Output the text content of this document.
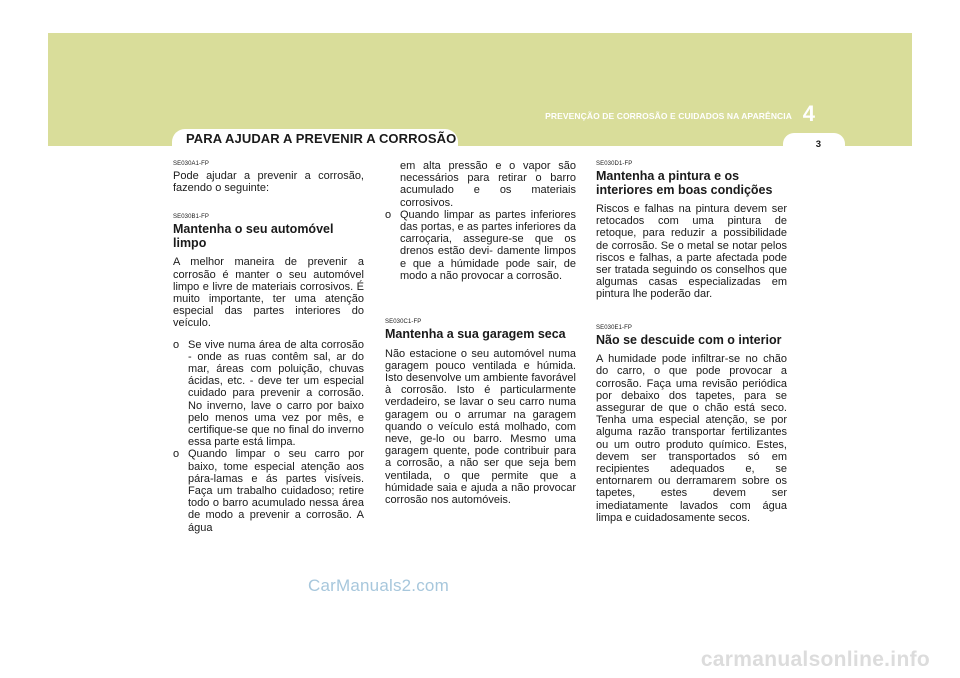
PREVENÇÃO DE CORROSÃO E CUIDADOS NA APARÊNCIA 4
3
PARA AJUDAR A PREVENIR A CORROSÃO
SE030A1-FP

Pode ajudar a prevenir a corrosão, fazendo o seguinte:

SE030B1-FP
Mantenha o seu automóvel limpo

A melhor maneira de prevenir a corrosão é manter o seu automóvel limpo e livre de materiais corrosivos. É muito importante, ter uma atenção especial das partes interiores do veículo.

o Se vive numa área de alta corrosão - onde as ruas contêm sal, ar do mar, áreas com poluição, chuvas ácidas, etc. - deve ter um especial cuidado para prevenir a corrosão. No inverno, lave o carro por baixo pelo menos uma vez por mês, e certifique-se que no final do inverno essa parte está limpa.
o Quando limpar o seu carro por baixo, tome especial atenção aos pára-lamas e ás partes visíveis. Faça um trabalho cuidadoso; retire todo o barro acumulado nessa área de modo a prevenir a corrosão. A água

em alta pressão e o vapor são necessários para retirar o barro acumulado e os materiais corrosivos.

o Quando limpar as partes inferiores das portas, e as partes inferiores da carroçaria, assegure-se que os drenos estão devi- damente limpos e que a húmidade pode sair, de modo a não provocar a corrosão.
SE030C1-FP
Mantenha a sua garagem seca

Não estacione o seu automóvel numa garagem pouco ventilada e húmida. Isto desenvolve um ambiente favorável à corrosão. Isto é particularmente verdadeiro, se lavar o seu carro numa garagem ou o arrumar na garagem quando o veículo está molhado, com neve, ge-lo ou barro. Mesmo uma garagem quente, pode contribuir para a corrosão, a não ser que seja bem ventilada, o que permite que a húmidade saia e ajuda a não provocar corrosão nos automóveis.

SE030D1-FP
Mantenha a pintura e os interiores em boas condições

Riscos e falhas na pintura devem ser retocados com uma pintura de retoque, para reduzir a possibilidade de corrosão. Se o metal se notar pelos riscos e falhas, a parte afectada pode ser tratada seguindo os conselhos que algumas casas especializadas em pintura lhe poderão dar.

SE030E1-FP
Não se descuide com o interior

A humidade pode infiltrar-se no chão do carro, o que pode provocar a corrosão. Faça uma revisão periódica por debaixo dos tapetes, para se assegurar de que o chão está seco. Tenha uma especial atenção, se por alguma razão transportar fertilizantes ou um outro produto químico. Estes, devem ser transportados só em recipientes adequados e, se entornarem ou derramarem sobre os tapetes, estes devem ser imediatamente lavados com água limpa e cuidadosamente secos.

CarManuals2.com
carmanualsonline.info
